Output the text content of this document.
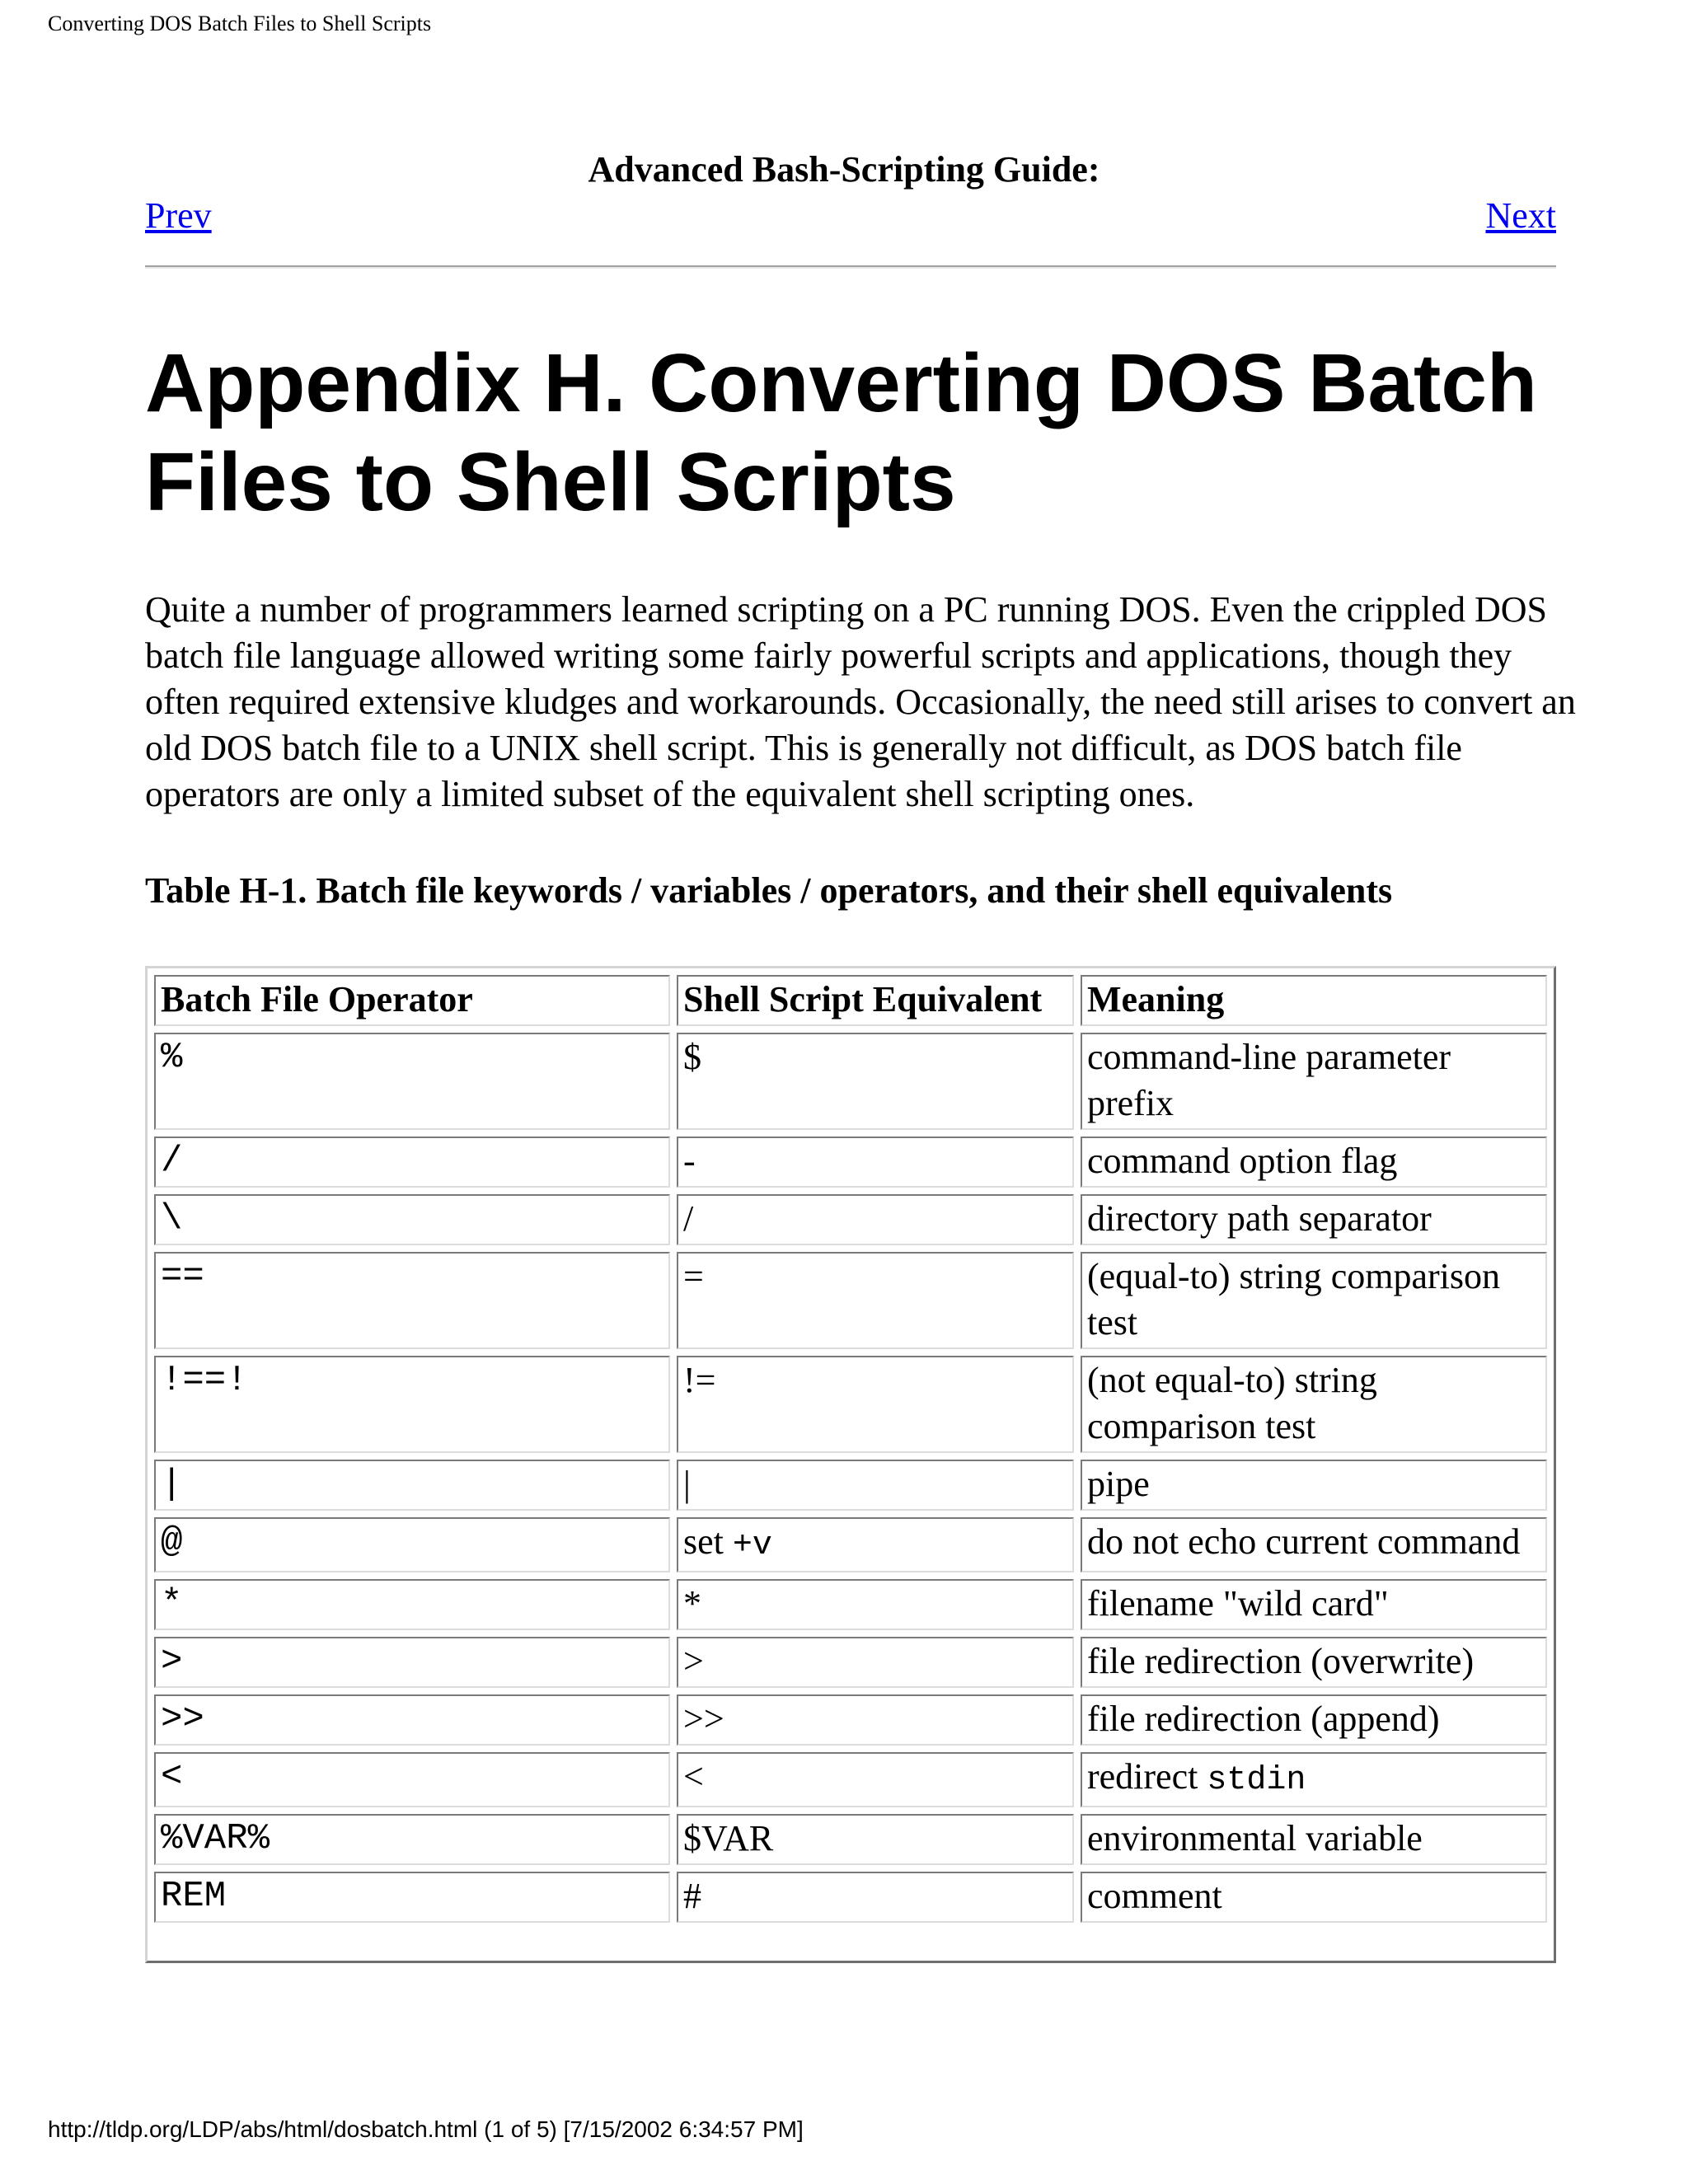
Converting DOS Batch Files to Shell Scripts
Advanced Bash-Scripting Guide:
Prev	Next
Appendix H. Converting DOS Batch Files to Shell Scripts

Quite a number of programmers learned scripting on a PC running DOS. Even the crippled DOS batch file language allowed writing some fairly powerful scripts and applications, though they often required extensive kludges and workarounds. Occasionally, the need still arises to convert an old DOS batch file to a UNIX shell script. This is generally not difficult, as DOS batch file operators are only a limited subset of the equivalent shell scripting ones.

Table H-1. Batch file keywords / variables / operators, and their shell equivalents

Batch File Operator	Shell Script Equivalent	Meaning
%	$	command-line parameter prefix
/	-	command option flag
\	/	directory path separator
==	=	(equal-to) string comparison test
!==!	!=	(not equal-to) string comparison test
|	|	pipe
@	set +v	do not echo current command
*	*	filename "wild card"
>	>	file redirection (overwrite)
>>	>>	file redirection (append)
<	<	redirect stdin
%VAR%	$VAR	environmental variable
REM	#	comment
http://tldp.org/LDP/abs/html/dosbatch.html (1 of 5) [7/15/2002 6:34:57 PM]
